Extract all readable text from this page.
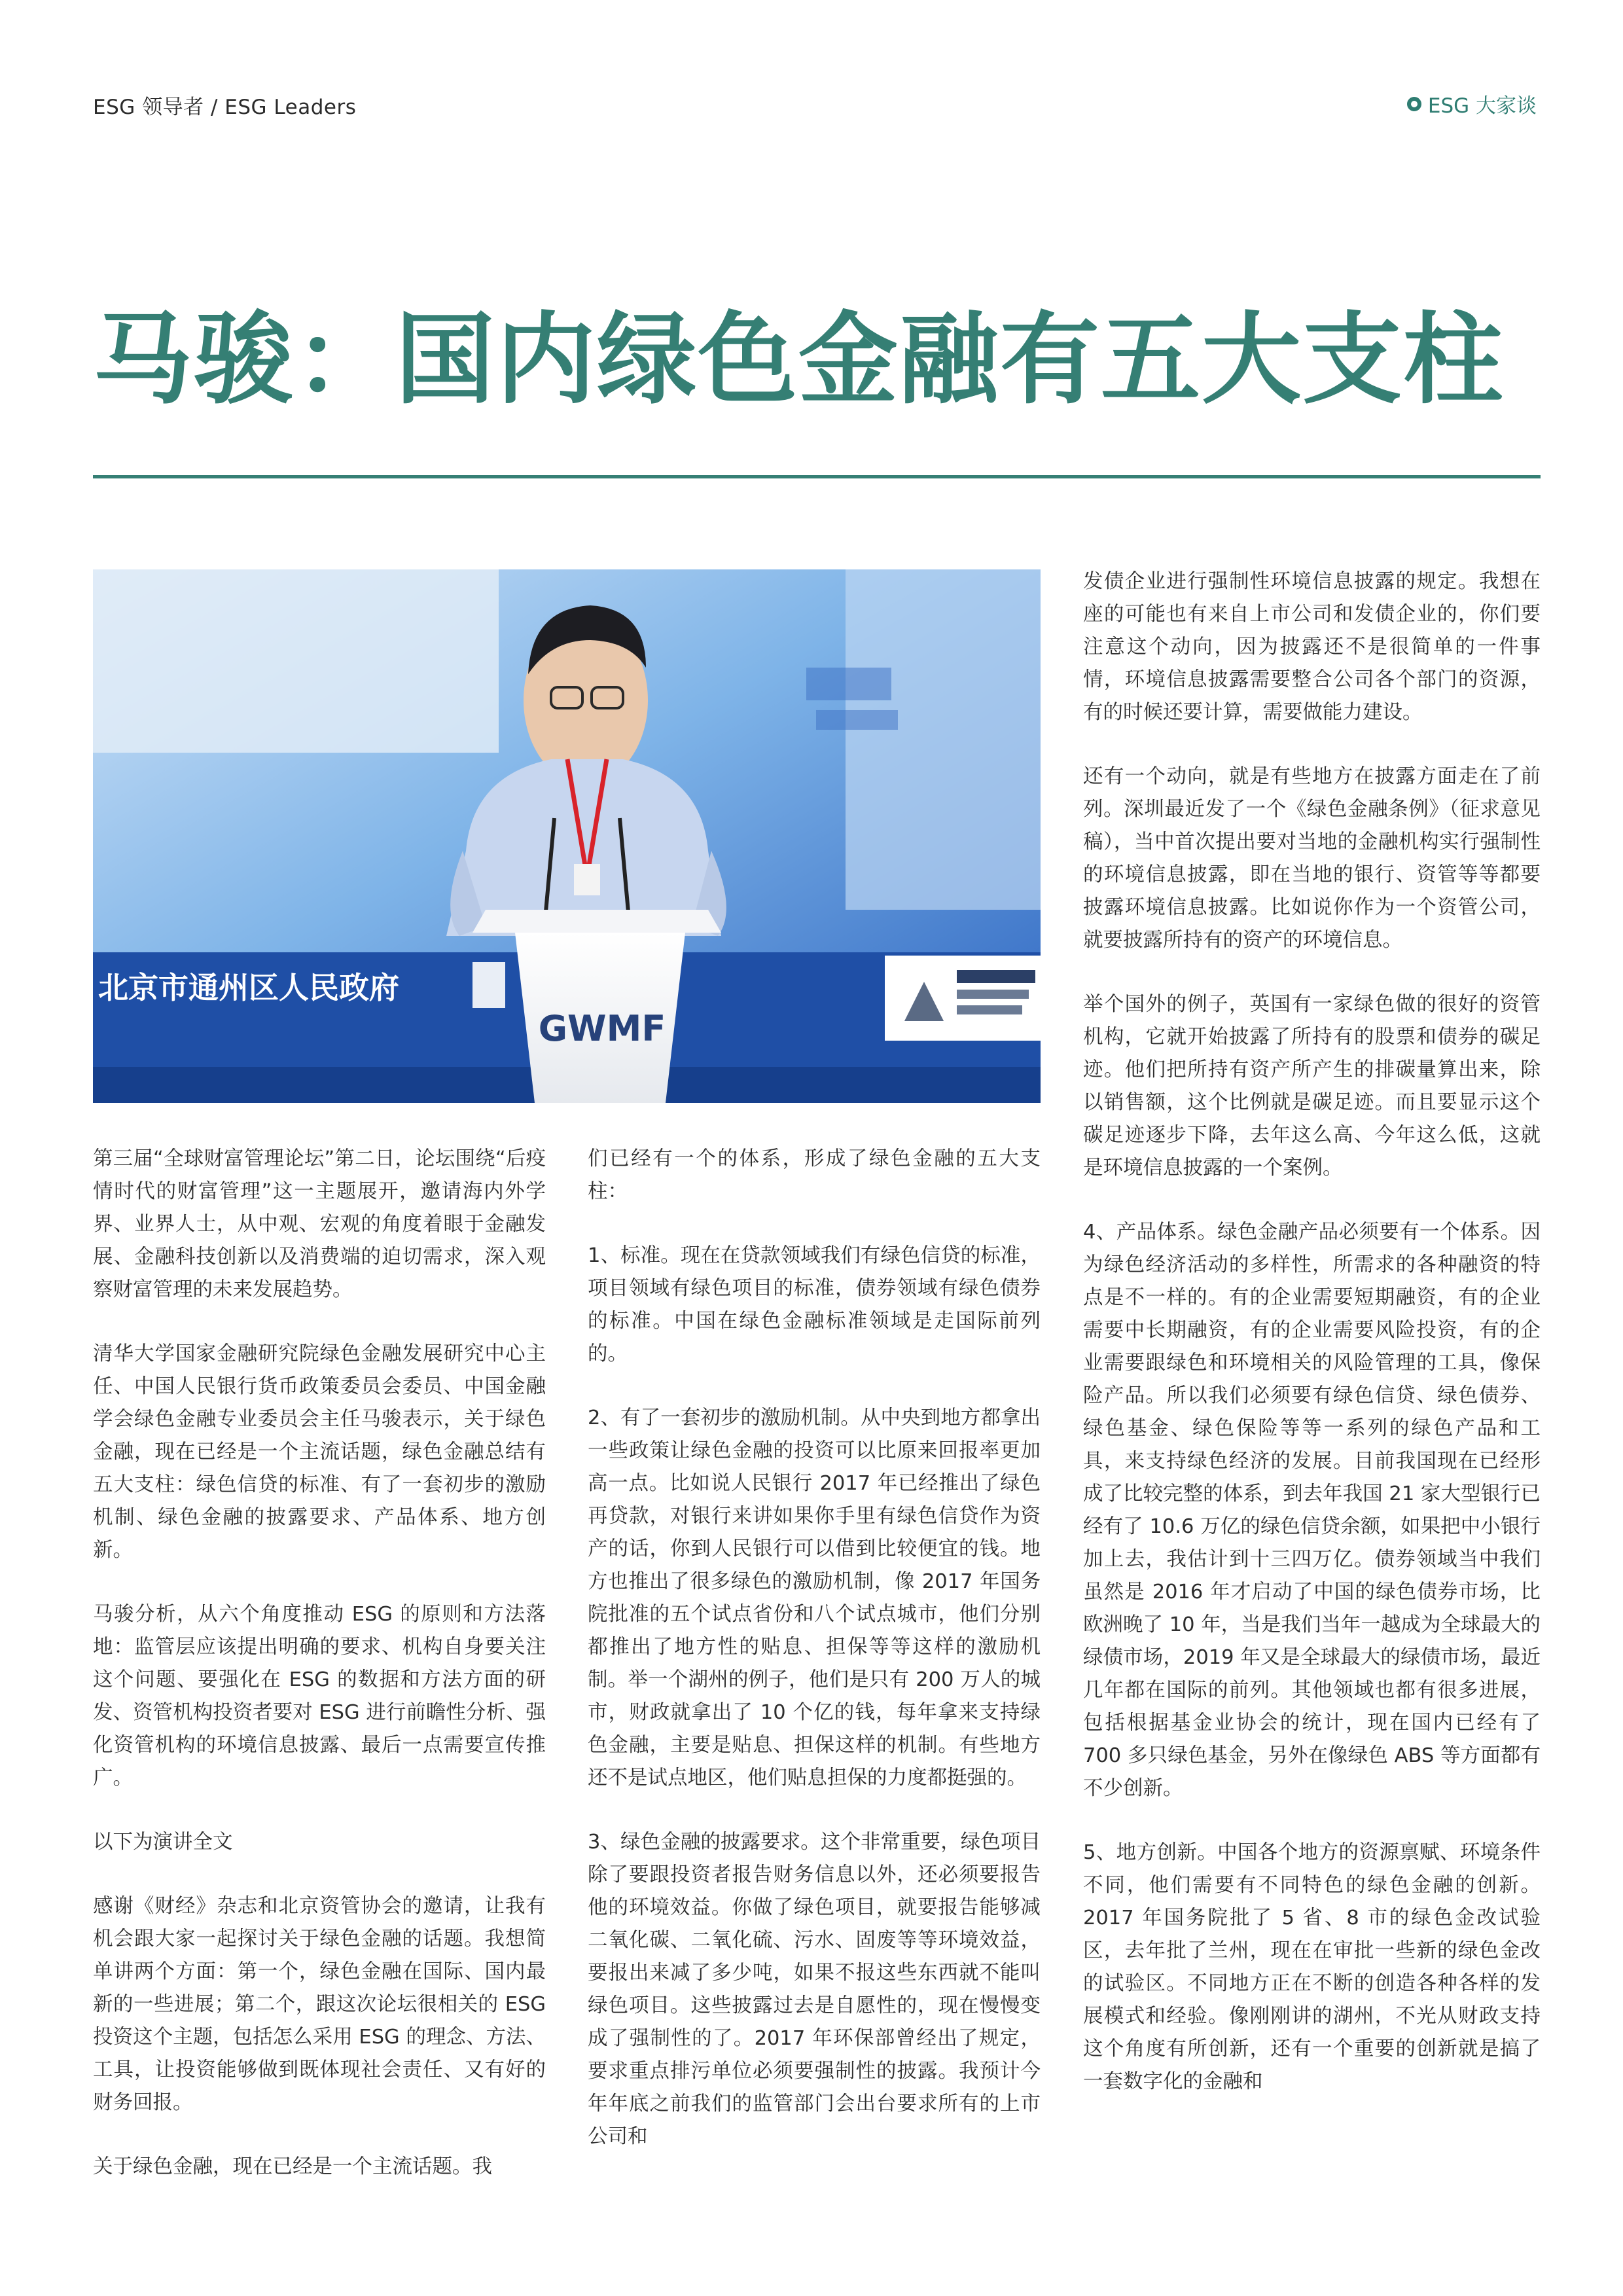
ESG 领导者 / ESG Leaders	ESG 大家谈
马骏：国内绿色金融有五大支柱
北京市通州区人民政府
GWMF

第三届“全球财富管理论坛”第二日，论坛围绕“后疫情时代的财富管理”这一主题展开，邀请海内外学界、业界人士，从中观、宏观的角度着眼于金融发展、金融科技创新以及消费端的迫切需求，深入观察财富管理的未来发展趋势。

清华大学国家金融研究院绿色金融发展研究中心主任、中国人民银行货币政策委员会委员、中国金融学会绿色金融专业委员会主任马骏表示，关于绿色金融，现在已经是一个主流话题，绿色金融总结有五大支柱：绿色信贷的标准、有了一套初步的激励机制、绿色金融的披露要求、产品体系、地方创新。

马骏分析，从六个角度推动 ESG 的原则和方法落地：监管层应该提出明确的要求、机构自身要关注这个问题、要强化在 ESG 的数据和方法方面的研发、资管机构投资者要对 ESG 进行前瞻性分析、强化资管机构的环境信息披露、最后一点需要宣传推广。

以下为演讲全文

感谢《财经》杂志和北京资管协会的邀请，让我有机会跟大家一起探讨关于绿色金融的话题。我想简单讲两个方面：第一个，绿色金融在国际、国内最新的一些进展；第二个，跟这次论坛很相关的 ESG 投资这个主题，包括怎么采用 ESG 的理念、方法、工具，让投资能够做到既体现社会责任、又有好的财务回报。

关于绿色金融，现在已经是一个主流话题。我

们已经有一个的体系，形成了绿色金融的五大支柱：

1、标准。现在在贷款领域我们有绿色信贷的标准，项目领域有绿色项目的标准，债券领域有绿色债券的标准。中国在绿色金融标准领域是走国际前列的。

2、有了一套初步的激励机制。从中央到地方都拿出一些政策让绿色金融的投资可以比原来回报率更加高一点。比如说人民银行 2017 年已经推出了绿色再贷款，对银行来讲如果你手里有绿色信贷作为资产的话，你到人民银行可以借到比较便宜的钱。地方也推出了很多绿色的激励机制，像 2017 年国务院批准的五个试点省份和八个试点城市，他们分别都推出了地方性的贴息、担保等等这样的激励机制。举一个湖州的例子，他们是只有 200 万人的城市，财政就拿出了 10 个亿的钱，每年拿来支持绿色金融，主要是贴息、担保这样的机制。有些地方还不是试点地区，他们贴息担保的力度都挺强的。

3、绿色金融的披露要求。这个非常重要，绿色项目除了要跟投资者报告财务信息以外，还必须要报告他的环境效益。你做了绿色项目，就要报告能够减二氧化碳、二氧化硫、污水、固废等等环境效益，要报出来减了多少吨，如果不报这些东西就不能叫绿色项目。这些披露过去是自愿性的，现在慢慢变成了强制性的了。2017 年环保部曾经出了规定，要求重点排污单位必须要强制性的披露。我预计今年年底之前我们的监管部门会出台要求所有的上市公司和

发债企业进行强制性环境信息披露的规定。我想在座的可能也有来自上市公司和发债企业的，你们要注意这个动向，因为披露还不是很简单的一件事情，环境信息披露需要整合公司各个部门的资源，有的时候还要计算，需要做能力建设。

还有一个动向，就是有些地方在披露方面走在了前列。深圳最近发了一个《绿色金融条例》（征求意见稿），当中首次提出要对当地的金融机构实行强制性的环境信息披露，即在当地的银行、资管等等都要披露环境信息披露。比如说你作为一个资管公司，就要披露所持有的资产的环境信息。

举个国外的例子，英国有一家绿色做的很好的资管机构，它就开始披露了所持有的股票和债券的碳足迹。他们把所持有资产所产生的排碳量算出来，除以销售额，这个比例就是碳足迹。而且要显示这个碳足迹逐步下降，去年这么高、今年这么低，这就是环境信息披露的一个案例。

4、产品体系。绿色金融产品必须要有一个体系。因为绿色经济活动的多样性，所需求的各种融资的特点是不一样的。有的企业需要短期融资，有的企业需要中长期融资，有的企业需要风险投资，有的企业需要跟绿色和环境相关的风险管理的工具，像保险产品。所以我们必须要有绿色信贷、绿色债券、绿色基金、绿色保险等等一系列的绿色产品和工具，来支持绿色经济的发展。目前我国现在已经形成了比较完整的体系，到去年我国 21 家大型银行已经有了 10.6 万亿的绿色信贷余额，如果把中小银行加上去，我估计到十三四万亿。债券领域当中我们虽然是 2016 年才启动了中国的绿色债券市场，比欧洲晚了 10 年，当是我们当年一越成为全球最大的绿债市场，2019 年又是全球最大的绿债市场，最近几年都在国际的前列。其他领域也都有很多进展，包括根据基金业协会的统计，现在国内已经有了 700 多只绿色基金，另外在像绿色 ABS 等方面都有不少创新。

5、地方创新。中国各个地方的资源禀赋、环境条件不同，他们需要有不同特色的绿色金融的创新。2017 年国务院批了 5 省、8 市的绿色金改试验区，去年批了兰州，现在在审批一些新的绿色金改的试验区。不同地方正在不断的创造各种各样的发展模式和经验。像刚刚讲的湖州，不光从财政支持这个角度有所创新，还有一个重要的创新就是搞了一套数字化的金融和
